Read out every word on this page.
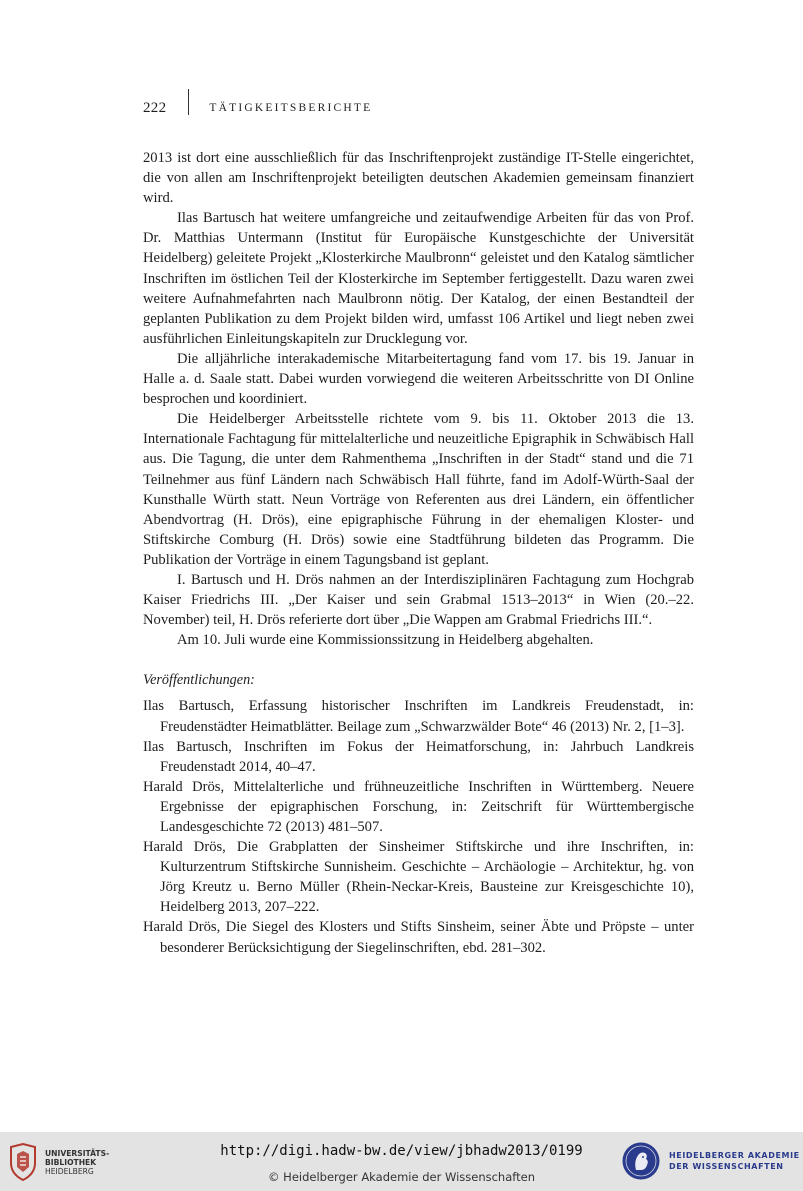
222	TÄTIGKEITSBERICHTE

2013 ist dort eine ausschließlich für das Inschriftenprojekt zuständige IT-Stelle eingerichtet, die von allen am Inschriftenprojekt beteiligten deutschen Akademien gemeinsam finanziert wird.

Ilas Bartusch hat weitere umfangreiche und zeitaufwendige Arbeiten für das von Prof. Dr. Matthias Untermann (Institut für Europäische Kunstgeschichte der Universität Heidelberg) geleitete Projekt „Klosterkirche Maulbronn“ geleistet und den Katalog sämtlicher Inschriften im östlichen Teil der Klosterkirche im September fertiggestellt. Dazu waren zwei weitere Aufnahmefahrten nach Maulbronn nötig. Der Katalog, der einen Bestandteil der geplanten Publikation zu dem Projekt bilden wird, umfasst 106 Artikel und liegt neben zwei ausführlichen Einleitungskapiteln zur Drucklegung vor.

Die alljährliche interakademische Mitarbeitertagung fand vom 17. bis 19. Januar in Halle a. d. Saale statt. Dabei wurden vorwiegend die weiteren Arbeitsschritte von DI Online besprochen und koordiniert.

Die Heidelberger Arbeitsstelle richtete vom 9. bis 11. Oktober 2013 die 13. Internationale Fachtagung für mittelalterliche und neuzeitliche Epigraphik in Schwäbisch Hall aus. Die Tagung, die unter dem Rahmenthema „Inschriften in der Stadt“ stand und die 71 Teilnehmer aus fünf Ländern nach Schwäbisch Hall führte, fand im Adolf-Würth-Saal der Kunsthalle Würth statt. Neun Vorträge von Referenten aus drei Ländern, ein öffentlicher Abendvortrag (H. Drös), eine epigraphische Führung in der ehemaligen Kloster- und Stiftskirche Comburg (H. Drös) sowie eine Stadtführung bildeten das Programm. Die Publikation der Vorträge in einem Tagungsband ist geplant.

I. Bartusch und H. Drös nahmen an der Interdisziplinären Fachtagung zum Hochgrab Kaiser Friedrichs III. „Der Kaiser und sein Grabmal 1513–2013“ in Wien (20.–22. November) teil, H. Drös referierte dort über „Die Wappen am Grabmal Friedrichs III.“.

Am 10. Juli wurde eine Kommissionssitzung in Heidelberg abgehalten.

Veröffentlichungen:

Ilas Bartusch, Erfassung historischer Inschriften im Landkreis Freudenstadt, in: Freudenstädter Heimatblätter. Beilage zum „Schwarzwälder Bote“ 46 (2013) Nr. 2, [1–3].

Ilas Bartusch, Inschriften im Fokus der Heimatforschung, in: Jahrbuch Landkreis Freudenstadt 2014, 40–47.

Harald Drös, Mittelalterliche und frühneuzeitliche Inschriften in Württemberg. Neuere Ergebnisse der epigraphischen Forschung, in: Zeitschrift für Württembergische Landesgeschichte 72 (2013) 481–507.

Harald Drös, Die Grabplatten der Sinsheimer Stiftskirche und ihre Inschriften, in: Kulturzentrum Stiftskirche Sunnisheim. Geschichte – Archäologie – Architektur, hg. von Jörg Kreutz u. Berno Müller (Rhein-Neckar-Kreis, Bausteine zur Kreisgeschichte 10), Heidelberg 2013, 207–222.

Harald Drös, Die Siegel des Klosters und Stifts Sinsheim, seiner Äbte und Pröpste – unter besonderer Berücksichtigung der Siegelinschriften, ebd. 281–302.

UNIVERSITÄTS-
BIBLIOTHEK
HEIDELBERG
http://digi.hadw-bw.de/view/jbhadw2013/0199
© Heidelberger Akademie der Wissenschaften
HEIDELBERGER AKADEMIE
DER WISSENSCHAFTEN
